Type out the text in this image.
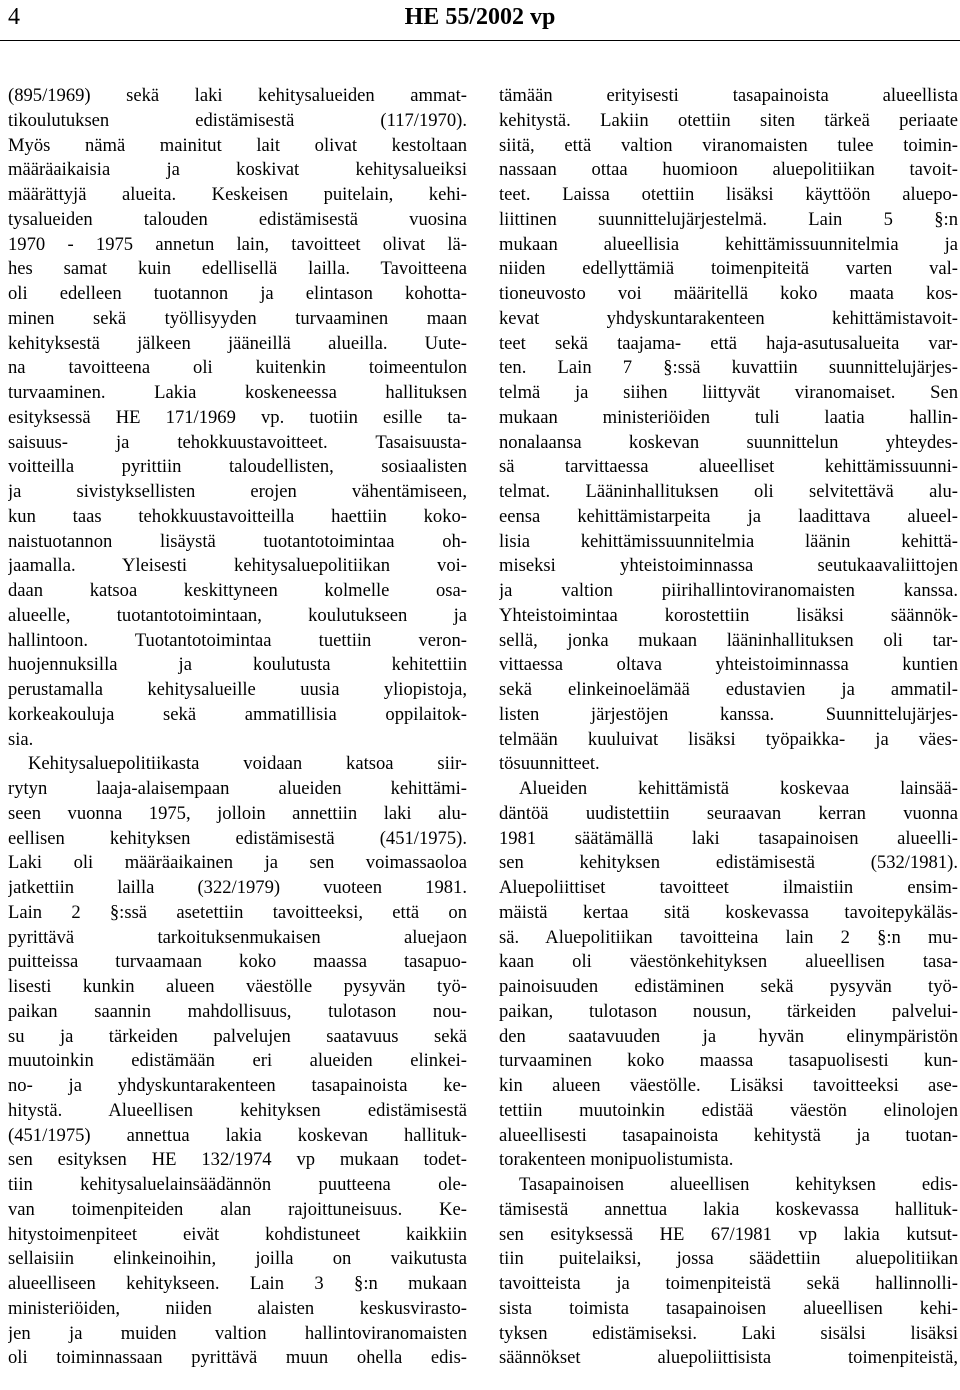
4	HE 55/2002 vp
(895/1969) sekä laki kehitysalueiden ammat-
tikoulutuksen edistämisestä (117/1970).
Myös nämä mainitut lait olivat kestoltaan
määräaikaisia ja koskivat kehitysalueiksi
määrättyjä alueita. Keskeisen puitelain, kehi-
tysalueiden talouden edistämisestä vuosina
1970 - 1975 annetun lain, tavoitteet olivat lä-
hes samat kuin edellisellä lailla. Tavoitteena
oli edelleen tuotannon ja elintason kohotta-
minen sekä työllisyyden turvaaminen maan
kehityksestä jälkeen jääneillä alueilla. Uute-
na tavoitteena oli kuitenkin toimeentulon
turvaaminen. Lakia koskeneessa hallituksen
esityksessä HE 171/1969 vp. tuotiin esille ta-
saisuus- ja tehokkuustavoitteet. Tasaisuusta-
voitteilla pyrittiin taloudellisten, sosiaalisten
ja sivistyksellisten erojen vähentämiseen,
kun taas tehokkuustavoitteilla haettiin koko-
naistuotannon lisäystä tuotantotoimintaa oh-
jaamalla. Yleisesti kehitysaluepolitiikan voi-
daan katsoa keskittyneen kolmelle osa-
alueelle, tuotantotoimintaan, koulutukseen ja
hallintoon. Tuotantotoimintaa tuettiin veron-
huojennuksilla ja koulutusta kehitettiin
perustamalla kehitysalueille uusia yliopistoja,
korkeakouluja sekä ammatillisia oppilaitok-
sia.
Kehitysaluepolitiikasta voidaan katsoa siir-
rytyn laaja-alaisempaan alueiden kehittämi-
seen vuonna 1975, jolloin annettiin laki alu-
eellisen kehityksen edistämisestä (451/1975).
Laki oli määräaikainen ja sen voimassaoloa
jatkettiin lailla (322/1979) vuoteen 1981.
Lain 2 §:ssä asetettiin tavoitteeksi, että on
pyrittävä tarkoituksenmukaisen aluejaon
puitteissa turvaamaan koko maassa tasapuo-
lisesti kunkin alueen väestölle pysyvän työ-
paikan saannin mahdollisuus, tulotason nou-
su ja tärkeiden palvelujen saatavuus sekä
muutoinkin edistämään eri alueiden elinkei-
no- ja yhdyskuntarakenteen tasapainoista ke-
hitystä. Alueellisen kehityksen edistämisestä
(451/1975) annettua lakia koskevan hallituk-
sen esityksen HE 132/1974 vp mukaan todet-
tiin kehitysaluelainsäädännön puutteena ole-
van toimenpiteiden alan rajoittuneisuus. Ke-
hitystoimenpiteet eivät kohdistuneet kaikkiin
sellaisiin elinkeinoihin, joilla on vaikutusta
alueelliseen kehitykseen. Lain 3 §:n mukaan
ministeriöiden, niiden alaisten keskusvirasto-
jen ja muiden valtion hallintoviranomaisten
oli toiminnassaan pyrittävä muun ohella edis-
tämään erityisesti tasapainoista alueellista
kehitystä. Lakiin otettiin siten tärkeä periaate
siitä, että valtion viranomaisten tulee toimin-
nassaan ottaa huomioon aluepolitiikan tavoit-
teet. Laissa otettiin lisäksi käyttöön aluepo-
liittinen suunnittelujärjestelmä. Lain 5 §:n
mukaan alueellisia kehittämissuunnitelmia ja
niiden edellyttämiä toimenpiteitä varten val-
tioneuvosto voi määritellä koko maata kos-
kevat yhdyskuntarakenteen kehittämistavoit-
teet sekä taajama- että haja-asutusalueita var-
ten. Lain 7 §:ssä kuvattiin suunnittelujärjes-
telmä ja siihen liittyvät viranomaiset. Sen
mukaan ministeriöiden tuli laatia hallin-
nonalaansa koskevan suunnittelun yhteydes-
sä tarvittaessa alueelliset kehittämissuunni-
telmat. Lääninhallituksen oli selvitettävä alu-
eensa kehittämistarpeita ja laadittava alueel-
lisia kehittämissuunnitelmia läänin kehittä-
miseksi yhteistoiminnassa seutukaavaliittojen
ja valtion piirihallintoviranomaisten kanssa.
Yhteistoimintaa korostettiin lisäksi säännök-
sellä, jonka mukaan lääninhallituksen oli tar-
vittaessa oltava yhteistoiminnassa kuntien
sekä elinkeinoelämää edustavien ja ammatil-
listen järjestöjen kanssa. Suunnittelujärjes-
telmään kuuluivat lisäksi työpaikka- ja väes-
tösuunnitteet.
Alueiden kehittämistä koskevaa lainsää-
däntöä uudistettiin seuraavan kerran vuonna
1981 säätämällä laki tasapainoisen alueelli-
sen kehityksen edistämisestä (532/1981).
Aluepoliittiset tavoitteet ilmaistiin ensim-
mäistä kertaa sitä koskevassa tavoitepykäläs-
sä. Aluepolitiikan tavoitteina lain 2 §:n mu-
kaan oli väestönkehityksen alueellisen tasa-
painoisuuden edistäminen sekä pysyvän työ-
paikan, tulotason nousun, tärkeiden palvelui-
den saatavuuden ja hyvän elinympäristön
turvaaminen koko maassa tasapuolisesti kun-
kin alueen väestölle. Lisäksi tavoitteeksi ase-
tettiin muutoinkin edistää väestön elinolojen
alueellisesti tasapainoista kehitystä ja tuotan-
torakenteen monipuolistumista.
Tasapainoisen alueellisen kehityksen edis-
tämisestä annettua lakia koskevassa hallituk-
sen esityksessä HE 67/1981 vp lakia kutsut-
tiin puitelaiksi, jossa säädettiin aluepolitiikan
tavoitteista ja toimenpiteistä sekä hallinnolli-
sista toimista tasapainoisen alueellisen kehi-
tyksen edistämiseksi. Laki sisälsi lisäksi
säännökset aluepoliittisista toimenpiteistä,
